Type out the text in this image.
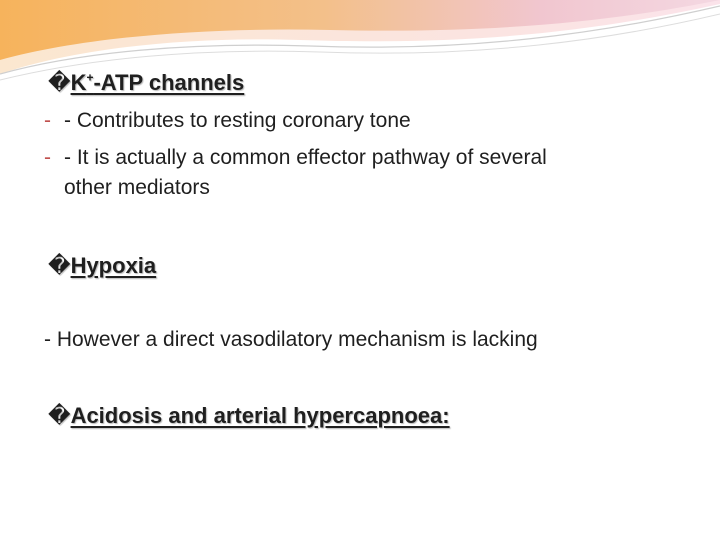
�K+-ATP channels
- - Contributes to resting coronary tone
- - It is actually a common effector pathway of several
other mediators
�Hypoxia
- However a direct vasodilatory mechanism is lacking
�Acidosis and arterial hypercapnoea:
